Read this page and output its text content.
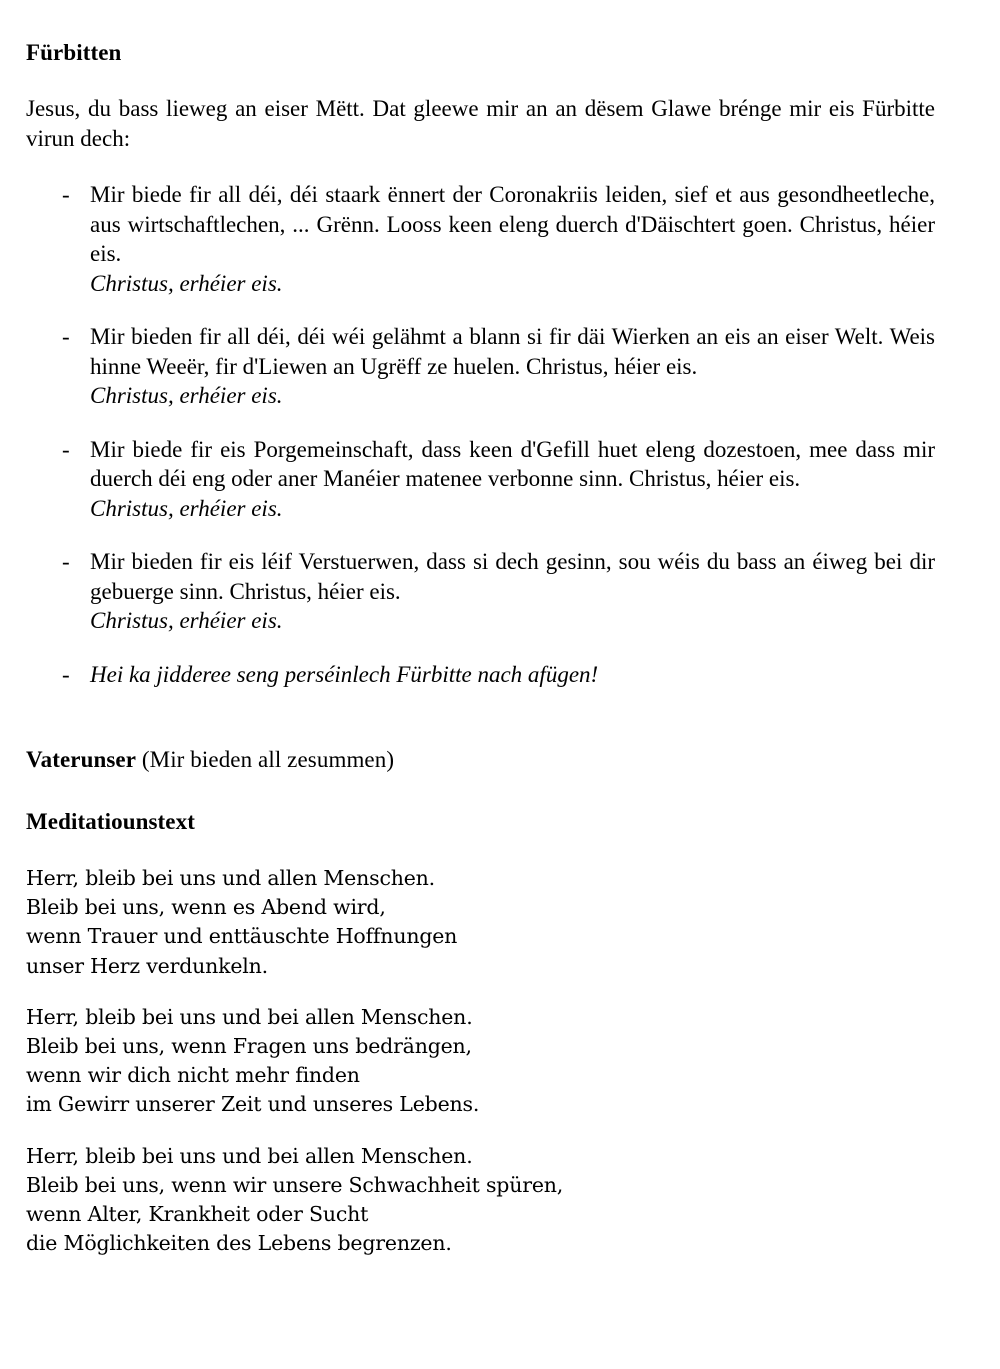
Fürbitten

Jesus, du bass lieweg an eiser Mëtt. Dat gleewe mir an an dësem Glawe brénge mir eis Fürbitte virun dech:

- Mir biede fir all déi, déi staark ënnert der Coronakriis leiden, sief et aus gesondheetleche, aus wirtschaftlechen, ... Grënn. Looss keen eleng duerch d'Däischtert goen. Christus, héier eis.
Christus, erhéier eis.
- Mir bieden fir all déi, déi wéi gelähmt a blann si fir däi Wierken an eis an eiser Welt. Weis hinne Weeër, fir d'Liewen an Ugrëff ze huelen. Christus, héier eis.
Christus, erhéier eis.
- Mir biede fir eis Porgemeinschaft, dass keen d'Gefill huet eleng dozestoen, mee dass mir duerch déi eng oder aner Manéier matenee verbonne sinn. Christus, héier eis.
Christus, erhéier eis.
- Mir bieden fir eis léif Verstuerwen, dass si dech gesinn, sou wéis du bass an éiweg bei dir gebuerge sinn. Christus, héier eis.
Christus, erhéier eis.
- Hei ka jidderee seng perséinlech Fürbitte nach afügen!
Vaterunser (Mir bieden all zesummen)
Meditatiounstext
Herr, bleib bei uns und allen Menschen.
Bleib bei uns, wenn es Abend wird,
wenn Trauer und enttäuschte Hoffnungen
unser Herz verdunkeln.
Herr, bleib bei uns und bei allen Menschen.
Bleib bei uns, wenn Fragen uns bedrängen,
wenn wir dich nicht mehr finden
im Gewirr unserer Zeit und unseres Lebens.
Herr, bleib bei uns und bei allen Menschen.
Bleib bei uns, wenn wir unsere Schwachheit spüren,
wenn Alter, Krankheit oder Sucht
die Möglichkeiten des Lebens begrenzen.
